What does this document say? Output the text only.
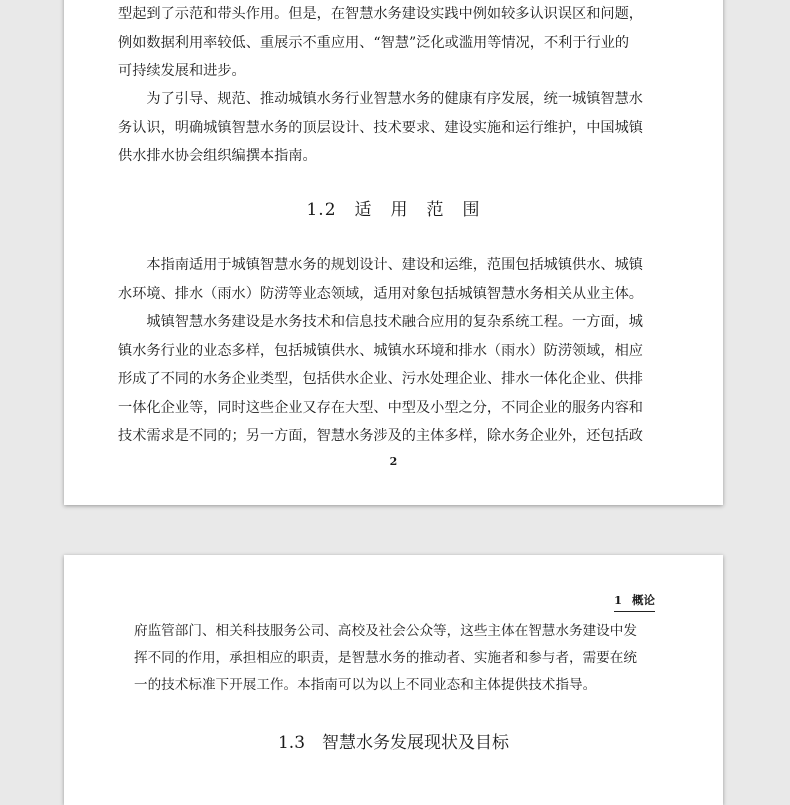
型起到了示范和带头作用。但是，在智慧水务建设实践中例如较多认识误区和问题，
例如数据利用率较低、重展示不重应用、“智慧”泛化或滥用等情况，不利于行业的
可持续发展和进步。

　　为了引导、规范、推动城镇水务行业智慧水务的健康有序发展，统一城镇智慧水
务认识，明确城镇智慧水务的顶层设计、技术要求、建设实施和运行维护，中国城镇
供水排水协会组织编撰本指南。

1.2　适　用　范　围

　　本指南适用于城镇智慧水务的规划设计、建设和运维，范围包括城镇供水、城镇
水环境、排水（雨水）防涝等业态领域，适用对象包括城镇智慧水务相关从业主体。

　　城镇智慧水务建设是水务技术和信息技术融合应用的复杂系统工程。一方面，城
镇水务行业的业态多样，包括城镇供水、城镇水环境和排水（雨水）防涝领域，相应
形成了不同的水务企业类型，包括供水企业、污水处理企业、排水一体化企业、供排
一体化企业等，同时这些企业又存在大型、中型及小型之分，不同企业的服务内容和
技术需求是不同的；另一方面，智慧水务涉及的主体多样，除水务企业外，还包括政

2
1 概论

府监管部门、相关科技服务公司、高校及社会公众等，这些主体在智慧水务建设中发
挥不同的作用，承担相应的职责，是智慧水务的推动者、实施者和参与者，需要在统
一的技术标准下开展工作。本指南可以为以上不同业态和主体提供技术指导。

1.3　智慧水务发展现状及目标
